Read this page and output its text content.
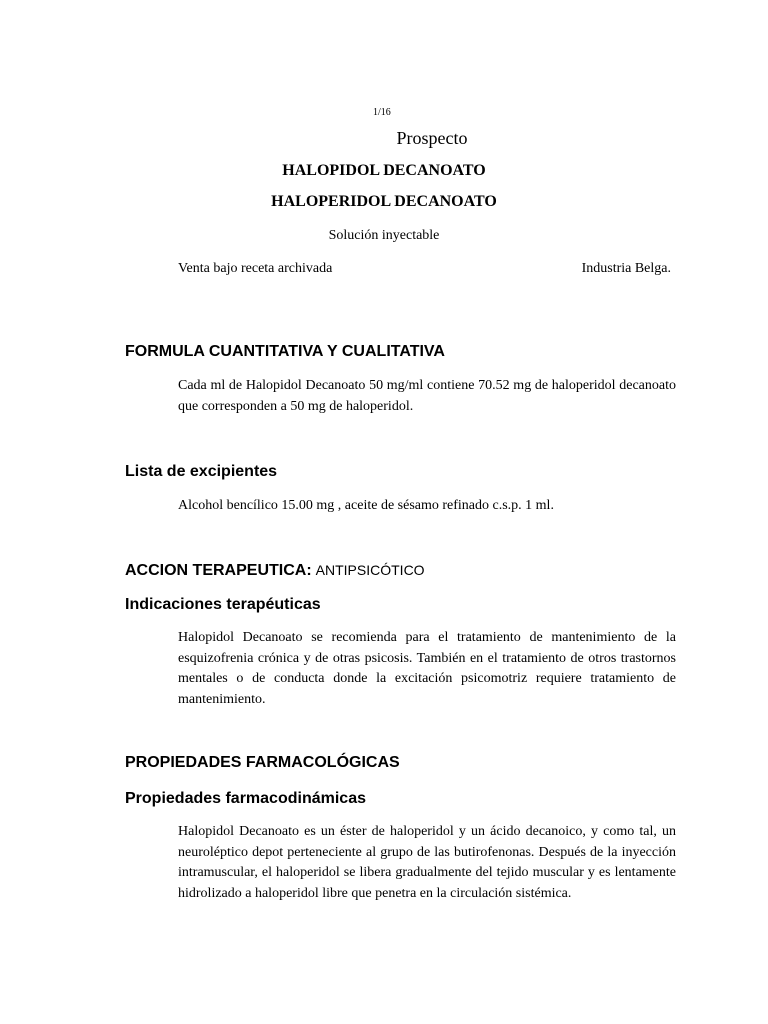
1/16

Prospecto

HALOPIDOL DECANOATO

HALOPERIDOL DECANOATO

Solución inyectable

Venta bajo receta archivada	Industria Belga.

FORMULA CUANTITATIVA Y CUALITATIVA

Cada ml de Halopidol Decanoato 50 mg/ml contiene 70.52 mg de haloperidol decanoato que corresponden a 50 mg de haloperidol.

Lista de excipientes

Alcohol bencílico 15.00 mg , aceite de sésamo refinado c.s.p. 1 ml.

ACCION TERAPEUTICA: ANTIPSICÓTICO

Indicaciones terapéuticas

Halopidol Decanoato se recomienda para el tratamiento de mantenimiento de la esquizofrenia crónica y de otras psicosis. También en el tratamiento de otros trastornos mentales o de conducta donde la excitación psicomotriz requiere tratamiento de mantenimiento.

PROPIEDADES FARMACOLÓGICAS

Propiedades farmacodinámicas

Halopidol Decanoato es un éster de haloperidol y un ácido decanoico, y como tal, un neuroléptico depot perteneciente al grupo de las butirofenonas. Después de la inyección intramuscular, el haloperidol se libera gradualmente del tejido muscular y es lentamente hidrolizado a haloperidol libre que penetra en la circulación sistémica.
